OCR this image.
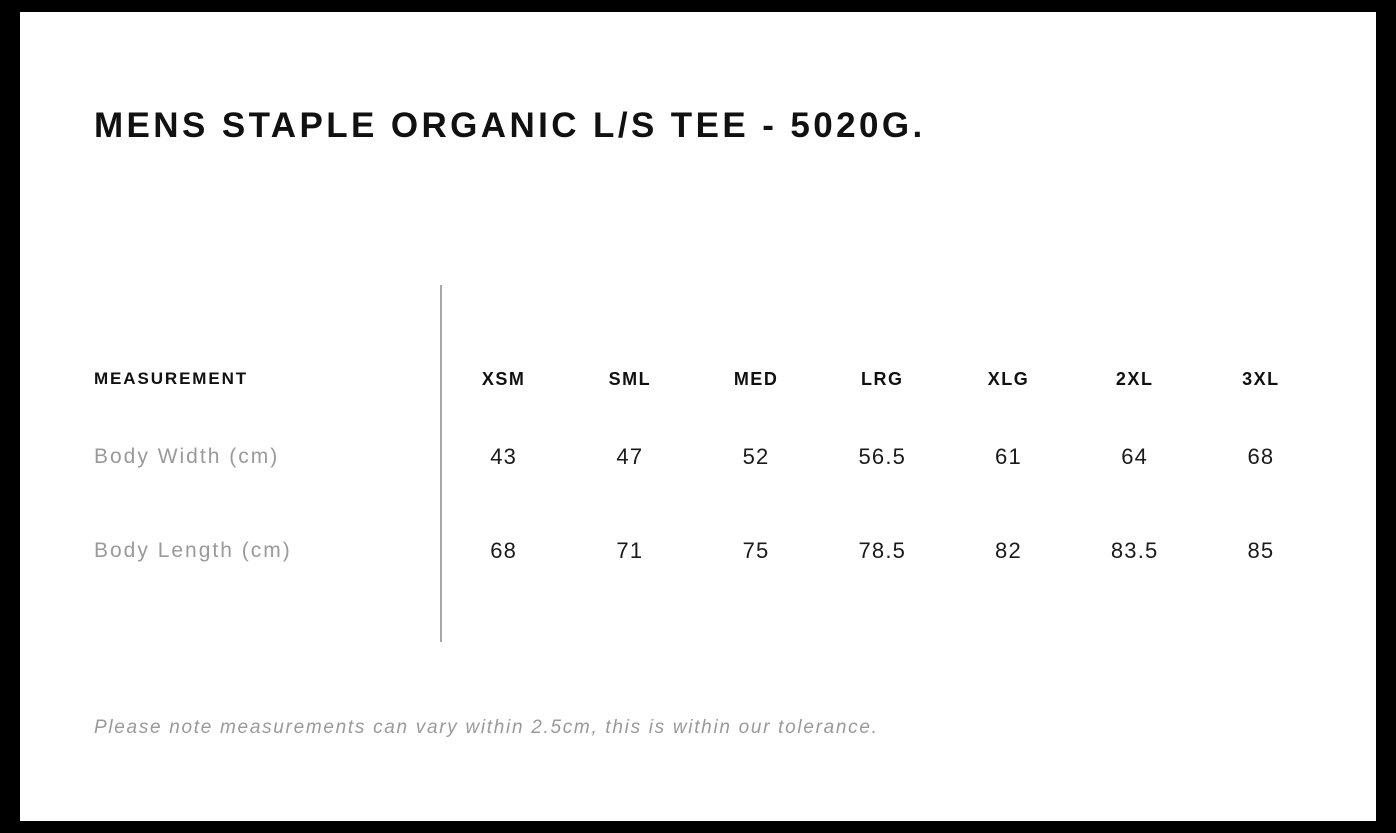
MENS STAPLE ORGANIC L/S TEE - 5020G.
MEASUREMENT	XSM	SML	MED	LRG	XLG	2XL	3XL
Body Width (cm)	43	47	52	56.5	61	64	68
Body Length (cm)	68	71	75	78.5	82	83.5	85
Please note measurements can vary within 2.5cm, this is within our tolerance.
